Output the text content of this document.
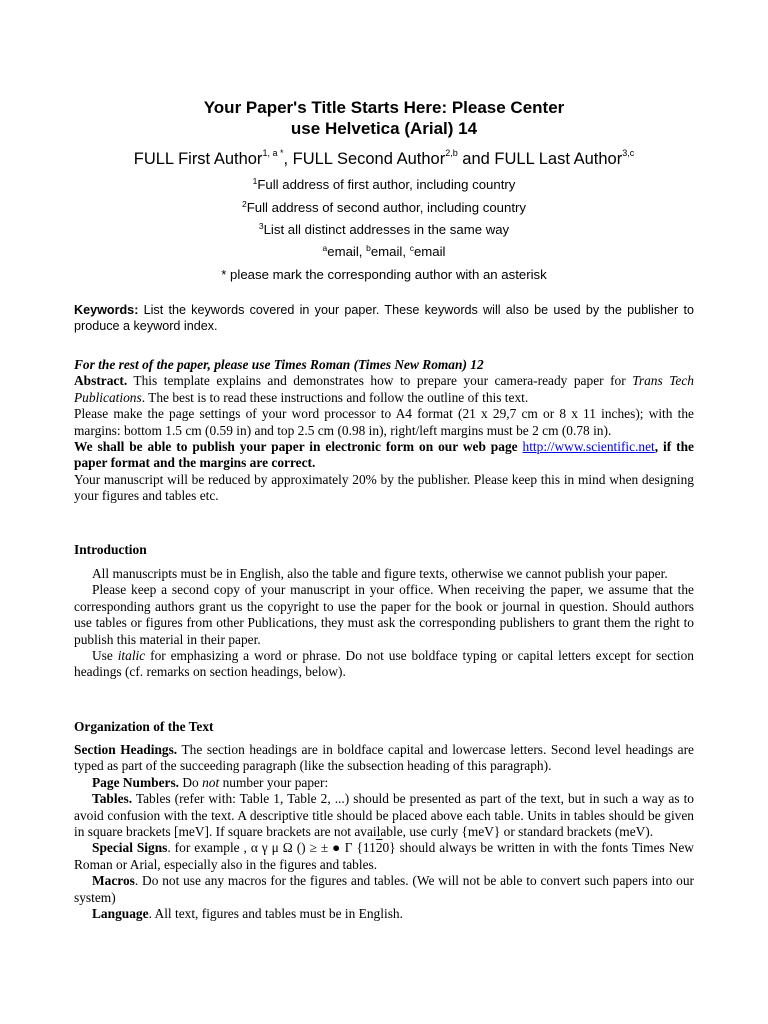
Your Paper's Title Starts Here: Please Center
use Helvetica (Arial) 14
FULL First Author$^{1, a *}$, FULL Second Author$^{2,b}$ and FULL Last Author$^{3,c}$
$^1$Full address of first author, including country
$^2$Full address of second author, including country
$^3$List all distinct addresses in the same way
$^a$email, $^b$email, $^c$email
* please mark the corresponding author with an asterisk
Keywords: List the keywords covered in your paper. These keywords will also be used by the publisher to produce a keyword index.

For the rest of the paper, please use Times Roman (Times New Roman) 12

Abstract. This template explains and demonstrates how to prepare your camera-ready paper for Trans Tech Publications. The best is to read these instructions and follow the outline of this text.

Please make the page settings of your word processor to A4 format (21 x 29,7 cm or 8 x 11 inches); with the margins: bottom 1.5 cm (0.59 in) and top 2.5 cm (0.98 in), right/left margins must be 2 cm (0.78 in).

We shall be able to publish your paper in electronic form on our web page http://www.scientific.net, if the paper format and the margins are correct.

Your manuscript will be reduced by approximately 20% by the publisher. Please keep this in mind when designing your figures and tables etc.

Introduction

All manuscripts must be in English, also the table and figure texts, otherwise we cannot publish your paper.

Please keep a second copy of your manuscript in your office. When receiving the paper, we assume that the corresponding authors grant us the copyright to use the paper for the book or journal in question. Should authors use tables or figures from other Publications, they must ask the corresponding publishers to grant them the right to publish this material in their paper.

Use italic for emphasizing a word or phrase. Do not use boldface typing or capital letters except for section headings (cf. remarks on section headings, below).

Organization of the Text

Section Headings. The section headings are in boldface capital and lowercase letters. Second level headings are typed as part of the succeeding paragraph (like the subsection heading of this paragraph).

Page Numbers. Do not number your paper:

Tables. Tables (refer with: Table 1, Table 2, ...) should be presented as part of the text, but in such a way as to avoid confusion with the text. A descriptive title should be placed above each table. Units in tables should be given in square brackets [meV]. If square brackets are not available, use curly {meV} or standard brackets (meV).

Special Signs. for example , α γ μ Ω () ≥ ± ● Γ {1120} should always be written in with the fonts Times New Roman or Arial, especially also in the figures and tables.

Macros. Do not use any macros for the figures and tables. (We will not be able to convert such papers into our system)

Language. All text, figures and tables must be in English.
